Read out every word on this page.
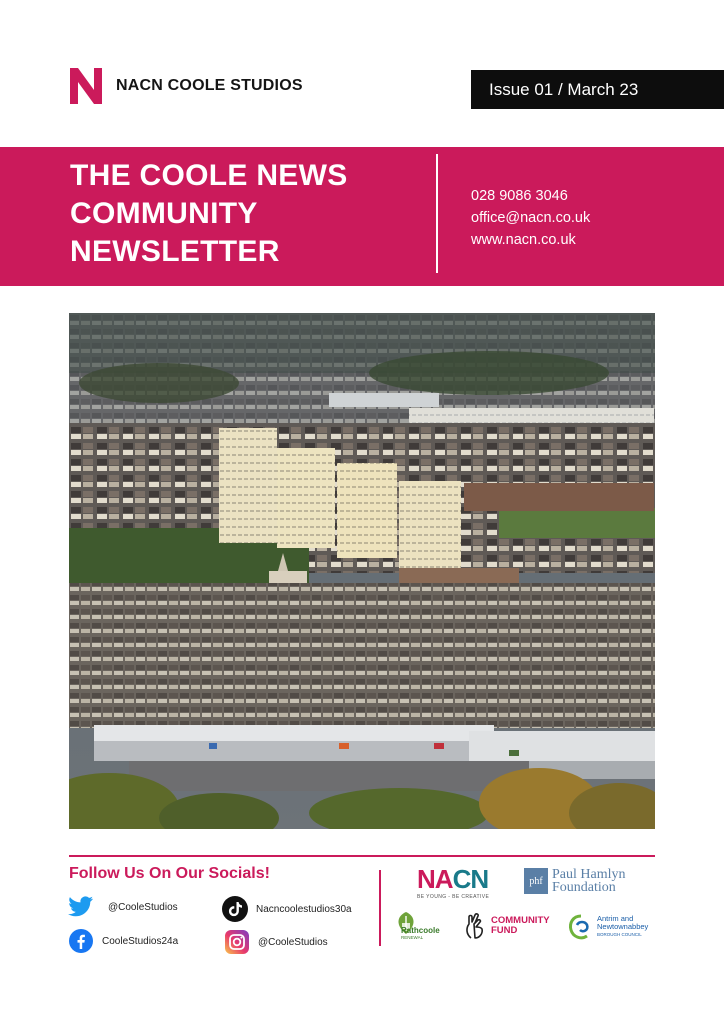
NACN COOLE STUDIOS	Issue 01 / March 23
THE COOLE NEWS
COMMUNITY
NEWSLETTER
028 9086 3046
office@nacn.co.uk
www.nacn.co.uk
Follow Us On Our Socials!
@CooleStudios	Nacncoolestudios30a
CooleStudios24a	@CooleStudios
NACN
BE YOUNG - BE CREATIVE
phf Paul Hamlyn
Foundation
Rathcoole
RENEWAL
COMMUNITY
FUND
Antrim and
Newtownabbey
BOROUGH COUNCIL
